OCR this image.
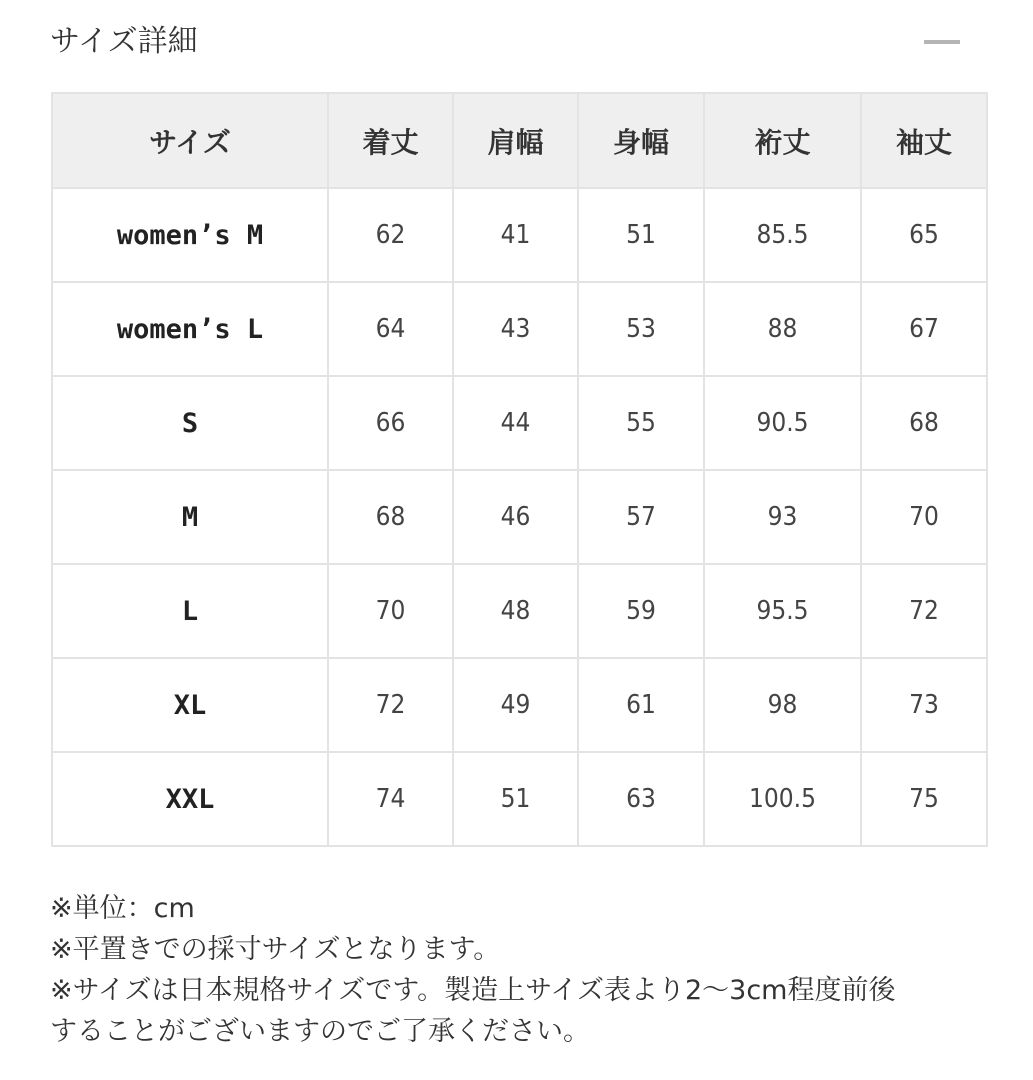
サイズ詳細
サイズ	着丈	肩幅	身幅	裄丈	袖丈
women’s M	62	41	51	85.5	65
women’s L	64	43	53	88	67
S	66	44	55	90.5	68
M	68	46	57	93	70
L	70	48	59	95.5	72
XL	72	49	61	98	73
XXL	74	51	63	100.5	75

※単位：cm

※平置きでの採寸サイズとなります。

※サイズは日本規格サイズです。製造上サイズ表より2〜3cm程度前後

することがございますのでご了承ください。
